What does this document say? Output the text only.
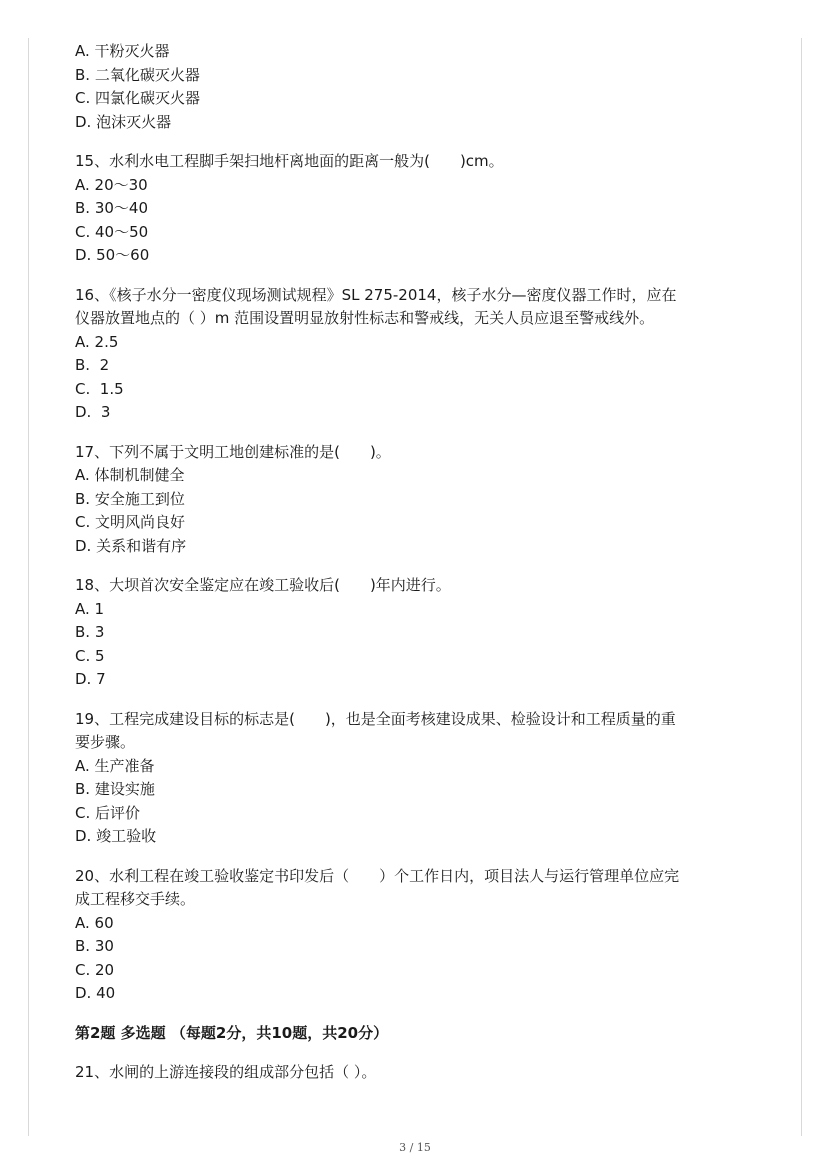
A. 干粉灭火器
B. 二氧化碳灭火器
C. 四氯化碳灭火器
D. 泡沫灭火器
15、水利水电工程脚手架扫地杆离地面的距离一般为(　　)cm。
A. 20～30
B. 30～40
C. 40～50
D. 50～60
16、《核子水分一密度仪现场测试规程》SL 275-2014，核子水分—密度仪器工作时，应在
仪器放置地点的（ ）m 范围设置明显放射性标志和警戒线，无关人员应退至警戒线外。
A. 2.5
B.  2
C.  1.5
D.  3
17、下列不属于文明工地创建标准的是(　　)。
A. 体制机制健全
B. 安全施工到位
C. 文明风尚良好
D. 关系和谐有序
18、大坝首次安全鉴定应在竣工验收后(　　)年内进行。
A. 1
B. 3
C. 5
D. 7
19、工程完成建设目标的标志是(　　)，也是全面考核建设成果、检验设计和工程质量的重
要步骤。
A. 生产准备
B. 建设实施
C. 后评价
D. 竣工验收
20、水利工程在竣工验收鉴定书印发后（　　）个工作日内，项目法人与运行管理单位应完
成工程移交手续。
A. 60
B. 30
C. 20
D. 40
第2题 多选题 （每题2分，共10题，共20分）
21、水闸的上游连接段的组成部分包括（ ）。
3 / 15
